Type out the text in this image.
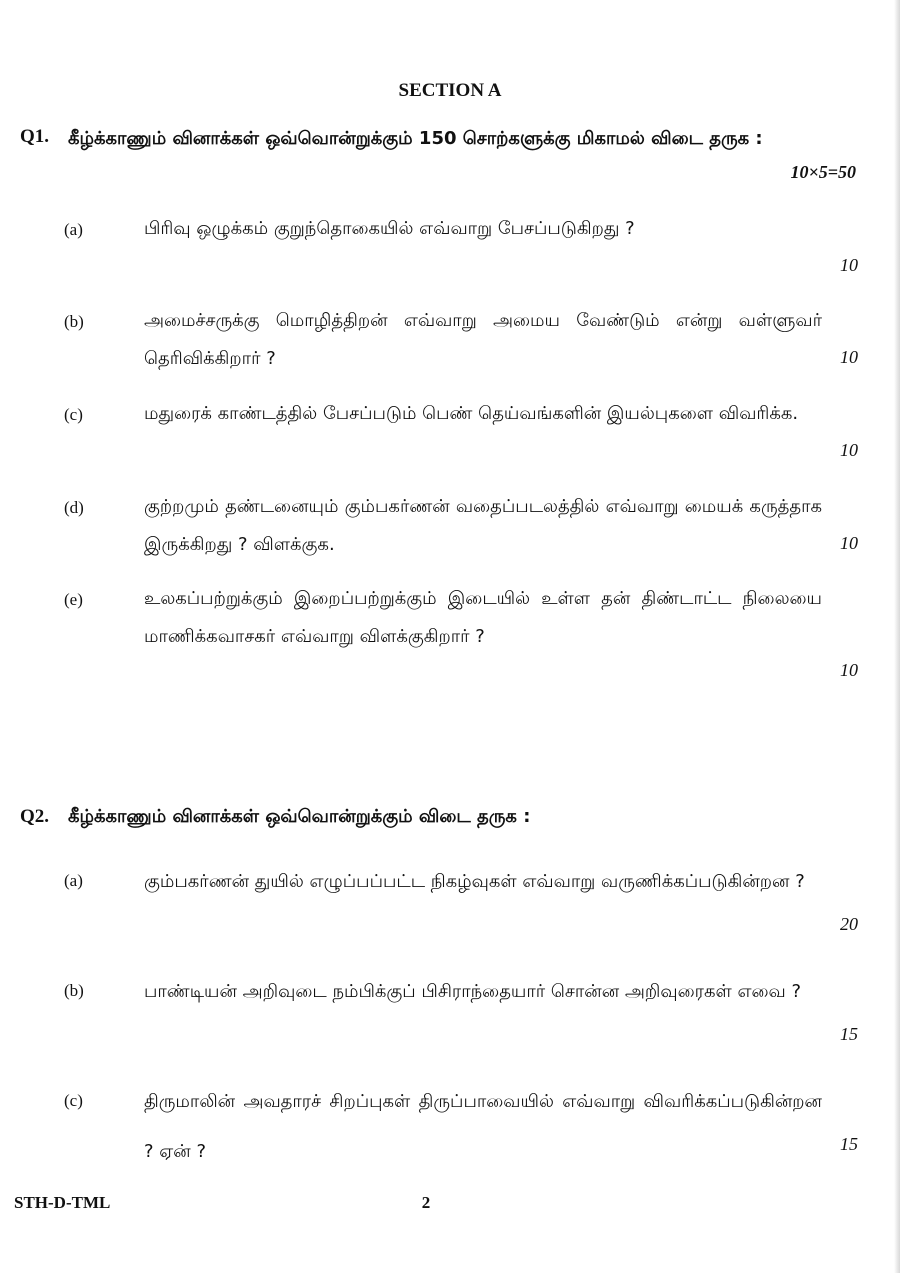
SECTION A
Q1. கீழ்க்காணும் வினாக்கள் ஒவ்வொன்றுக்கும் 150 சொற்களுக்கு மிகாமல் விடை தருக :
10×5=50
(a)	பிரிவு ஒழுக்கம் குறுந்தொகையில் எவ்வாறு பேசப்படுகிறது ?
10
(b)	அமைச்சருக்கு மொழித்திறன் எவ்வாறு அமைய வேண்டும் என்று வள்ளுவர் தெரிவிக்கிறார் ?	10
(c)	மதுரைக் காண்டத்தில் பேசப்படும் பெண் தெய்வங்களின் இயல்புகளை விவரிக்க.
10
(d)	குற்றமும் தண்டனையும் கும்பகர்ணன் வதைப்படலத்தில் எவ்வாறு மையக் கருத்தாக இருக்கிறது ? விளக்குக.	10
(e)	உலகப்பற்றுக்கும் இறைப்பற்றுக்கும் இடையில் உள்ள தன் திண்டாட்ட நிலையை மாணிக்கவாசகர் எவ்வாறு விளக்குகிறார் ?
10
Q2. கீழ்க்காணும் வினாக்கள் ஒவ்வொன்றுக்கும் விடை தருக :
(a)	கும்பகர்ணன் துயில் எழுப்பப்பட்ட நிகழ்வுகள் எவ்வாறு வருணிக்கப்படுகின்றன ?
20
(b)	பாண்டியன் அறிவுடை நம்பிக்குப் பிசிராந்தையார் சொன்ன அறிவுரைகள் எவை ?
15
(c)	திருமாலின் அவதாரச் சிறப்புகள் திருப்பாவையில் எவ்வாறு விவரிக்கப்படுகின்றன ? ஏன் ?	15
STH-D-TML	2
